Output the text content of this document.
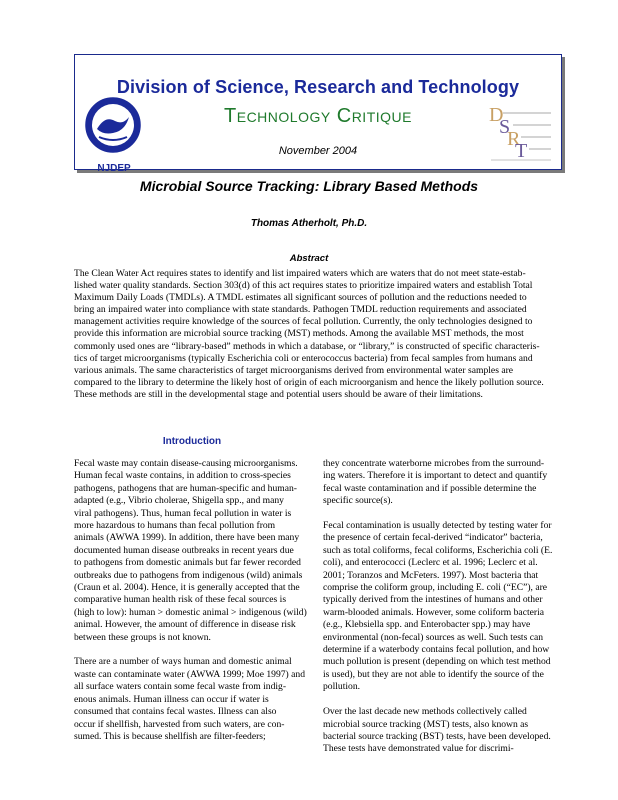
Division of Science, Research and Technology
Technology Critique
November 2004
NJDEP
D
S
R
T
Microbial Source Tracking: Library Based Methods
Thomas Atherholt, Ph.D.
Abstract
The Clean Water Act requires states to identify and list impaired waters which are waters that do not meet state-estab-
lished water quality standards. Section 303(d) of this act requires states to prioritize impaired waters and establish Total
Maximum Daily Loads (TMDLs). A TMDL estimates all significant sources of pollution and the reductions needed to
bring an impaired water into compliance with state standards. Pathogen TMDL reduction requirements and associated
management activities require knowledge of the sources of fecal pollution. Currently, the only technologies designed to
provide this information are microbial source tracking (MST) methods. Among the available MST methods, the most
commonly used ones are “library-based” methods in which a database, or “library,” is constructed of specific characteris-
tics of target microorganisms (typically Escherichia coli or enterococcus bacteria) from fecal samples from humans and
various animals. The same characteristics of target microorganisms derived from environmental water samples are
compared to the library to determine the likely host of origin of each microorganism and hence the likely pollution source.
These methods are still in the developmental stage and potential users should be aware of their limitations.
Introduction

Fecal waste may contain disease-causing microorganisms.
Human fecal waste contains, in addition to cross-species
pathogens, pathogens that are human-specific and human-
adapted (e.g., Vibrio cholerae, Shigella spp., and many
viral pathogens). Thus, human fecal pollution in water is
more hazardous to humans than fecal pollution from
animals (AWWA 1999). In addition, there have been many
documented human disease outbreaks in recent years due
to pathogens from domestic animals but far fewer recorded
outbreaks due to pathogens from indigenous (wild) animals
(Craun et al. 2004). Hence, it is generally accepted that the
comparative human health risk of these fecal sources is
(high to low): human > domestic animal > indigenous (wild)
animal. However, the amount of difference in disease risk
between these groups is not known.

There are a number of ways human and domestic animal
waste can contaminate water (AWWA 1999; Moe 1997) and
all surface waters contain some fecal waste from indig-
enous animals. Human illness can occur if water is
consumed that contains fecal wastes. Illness can also
occur if shellfish, harvested from such waters, are con-
sumed. This is because shellfish are filter-feeders;

they concentrate waterborne microbes from the surround-
ing waters. Therefore it is important to detect and quantify
fecal waste contamination and if possible determine the
specific source(s).

Fecal contamination is usually detected by testing water for
the presence of certain fecal-derived “indicator” bacteria,
such as total coliforms, fecal coliforms, Escherichia coli (E.
coli), and enterococci (Leclerc et al. 1996; Leclerc et al.
2001; Toranzos and McFeters. 1997). Most bacteria that
comprise the coliform group, including E. coli (“EC”), are
typically derived from the intestines of humans and other
warm-blooded animals. However, some coliform bacteria
(e.g., Klebsiella spp. and Enterobacter spp.) may have
environmental (non-fecal) sources as well. Such tests can
determine if a waterbody contains fecal pollution, and how
much pollution is present (depending on which test method
is used), but they are not able to identify the source of the
pollution.

Over the last decade new methods collectively called
microbial source tracking (MST) tests, also known as
bacterial source tracking (BST) tests, have been developed.
These tests have demonstrated value for discrimi-
